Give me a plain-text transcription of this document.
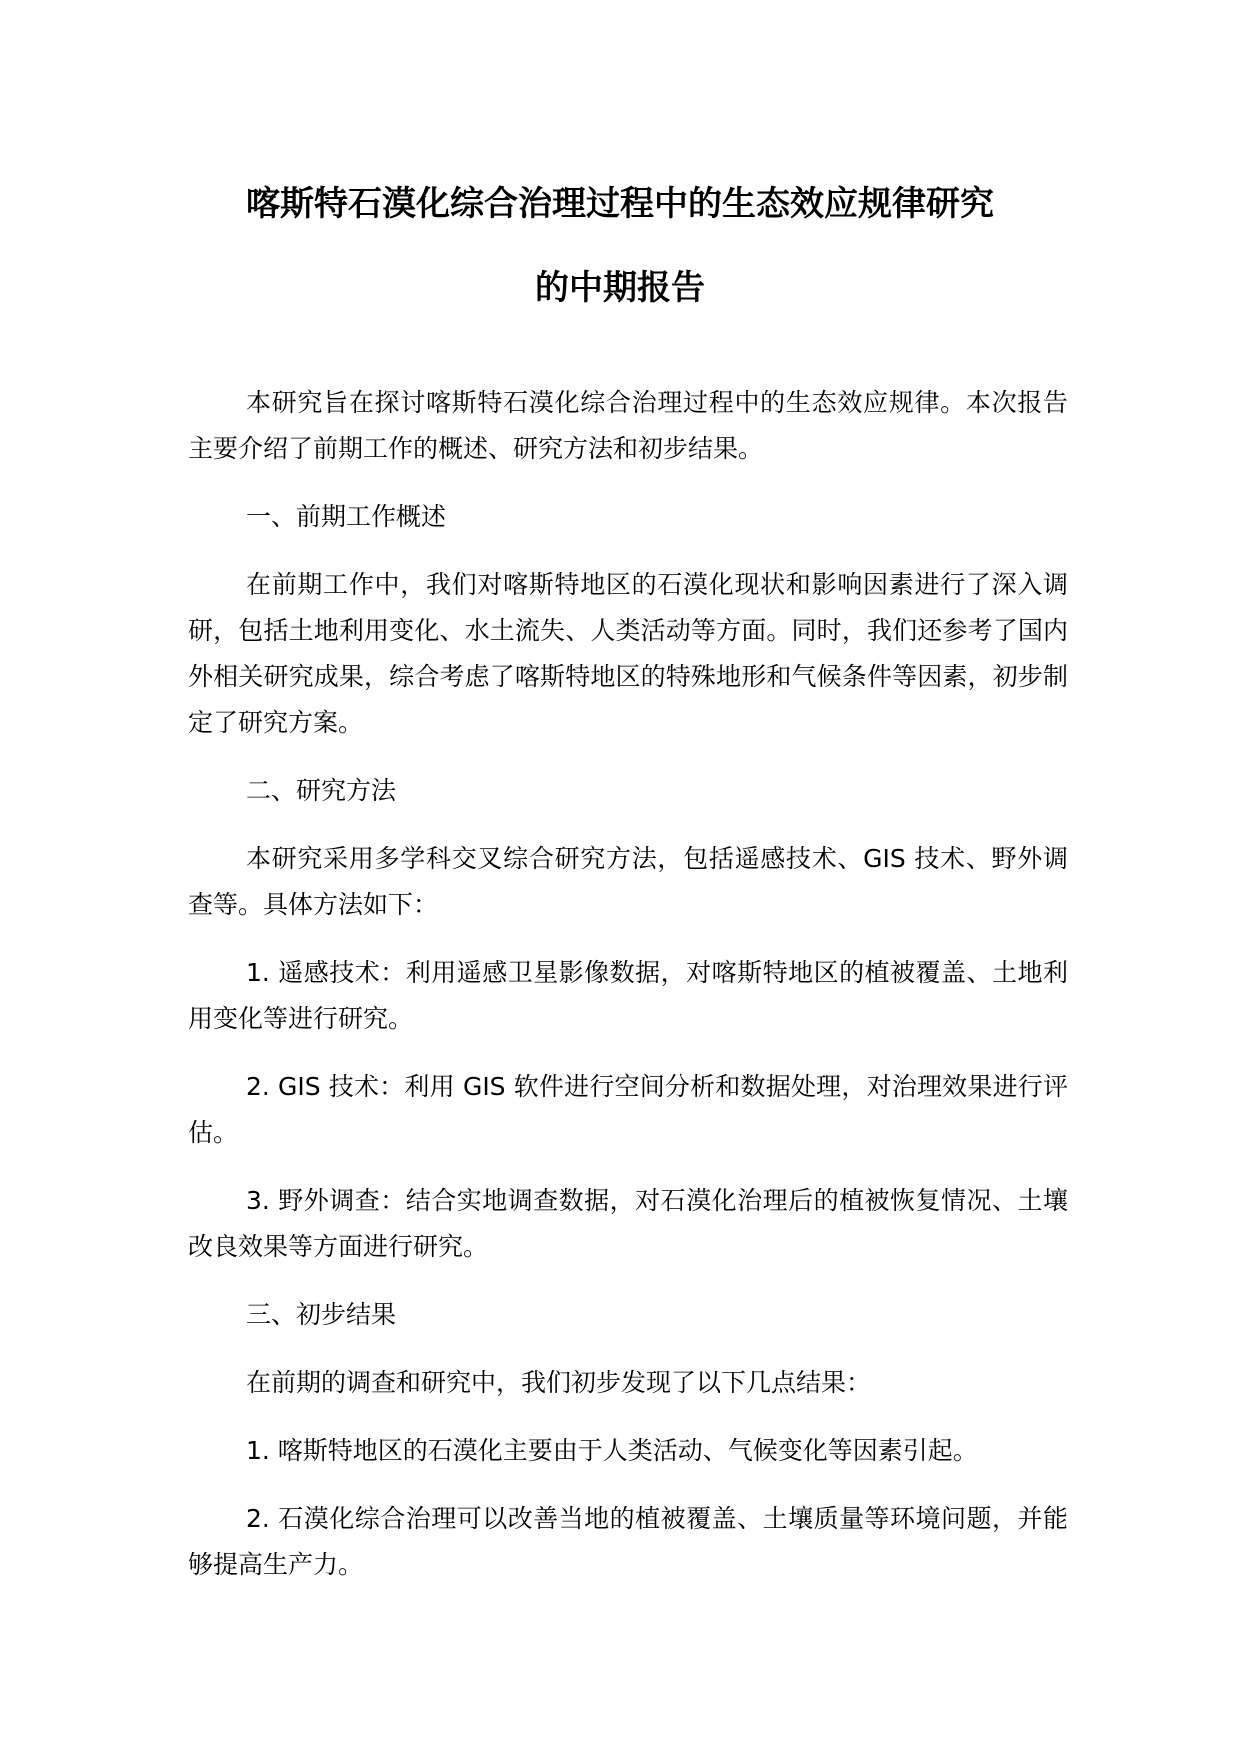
喀斯特石漠化综合治理过程中的生态效应规律研究
的中期报告

本研究旨在探讨喀斯特石漠化综合治理过程中的生态效应规律。本次报告主要介绍了前期工作的概述、研究方法和初步结果。

一、前期工作概述

在前期工作中，我们对喀斯特地区的石漠化现状和影响因素进行了深入调研，包括土地利用变化、水土流失、人类活动等方面。同时，我们还参考了国内外相关研究成果，综合考虑了喀斯特地区的特殊地形和气候条件等因素，初步制定了研究方案。

二、研究方法

本研究采用多学科交叉综合研究方法，包括遥感技术、GIS 技术、野外调查等。具体方法如下：

1. 遥感技术：利用遥感卫星影像数据，对喀斯特地区的植被覆盖、土地利用变化等进行研究。

2. GIS 技术：利用 GIS 软件进行空间分析和数据处理，对治理效果进行评估。

3. 野外调查：结合实地调查数据，对石漠化治理后的植被恢复情况、土壤改良效果等方面进行研究。

三、初步结果

在前期的调查和研究中，我们初步发现了以下几点结果：

1. 喀斯特地区的石漠化主要由于人类活动、气候变化等因素引起。

2. 石漠化综合治理可以改善当地的植被覆盖、土壤质量等环境问题，并能够提高生产力。
